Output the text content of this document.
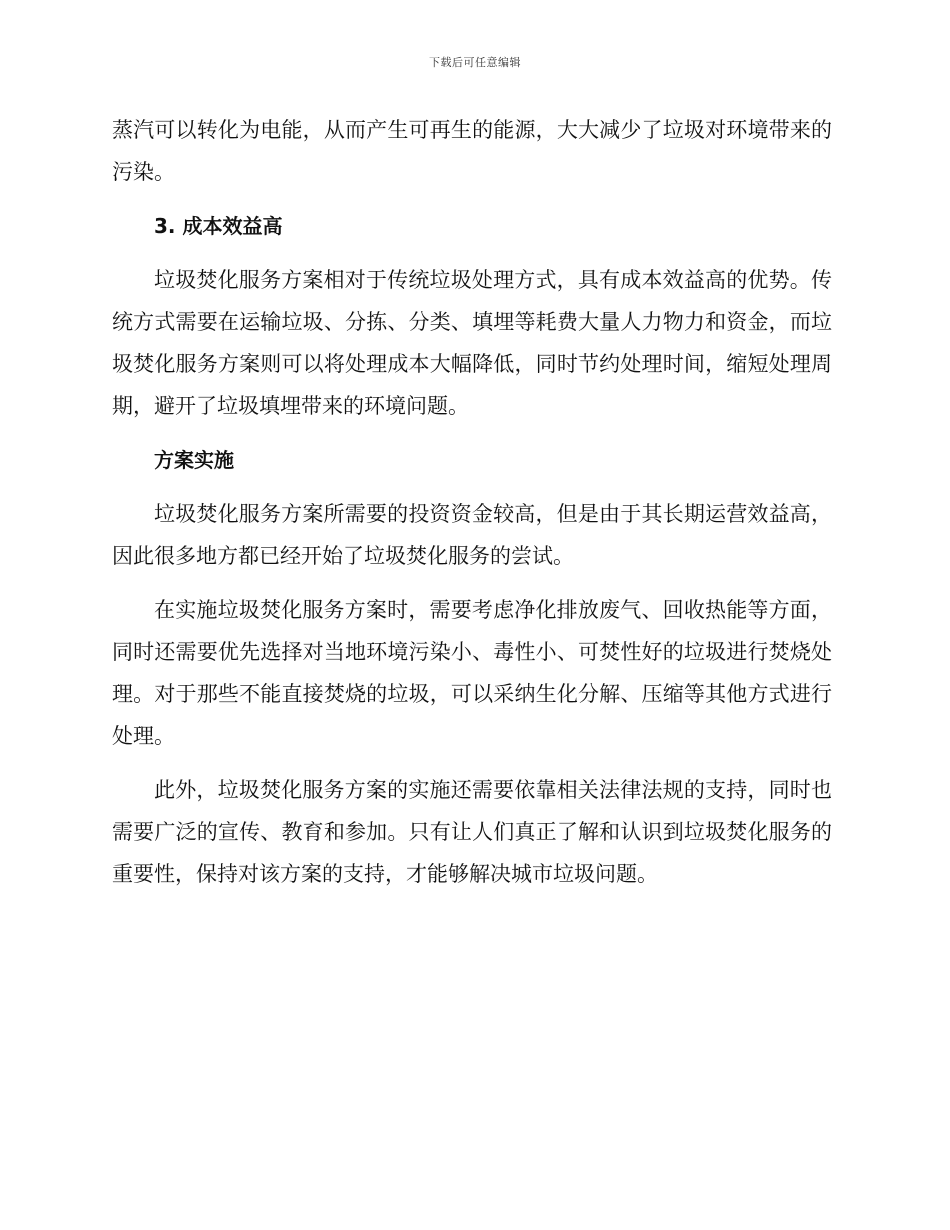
下载后可任意编辑

蒸汽可以转化为电能，从而产生可再生的能源，大大减少了垃圾对环境带来的污染。

3. 成本效益高

垃圾焚化服务方案相对于传统垃圾处理方式，具有成本效益高的优势。传统方式需要在运输垃圾、分拣、分类、填埋等耗费大量人力物力和资金，而垃圾焚化服务方案则可以将处理成本大幅降低，同时节约处理时间，缩短处理周期，避开了垃圾填埋带来的环境问题。

方案实施

垃圾焚化服务方案所需要的投资资金较高，但是由于其长期运营效益高，因此很多地方都已经开始了垃圾焚化服务的尝试。

在实施垃圾焚化服务方案时，需要考虑净化排放废气、回收热能等方面，同时还需要优先选择对当地环境污染小、毒性小、可焚性好的垃圾进行焚烧处理。对于那些不能直接焚烧的垃圾，可以采纳生化分解、压缩等其他方式进行处理。

此外，垃圾焚化服务方案的实施还需要依靠相关法律法规的支持，同时也需要广泛的宣传、教育和参加。只有让人们真正了解和认识到垃圾焚化服务的重要性，保持对该方案的支持，才能够解决城市垃圾问题。
